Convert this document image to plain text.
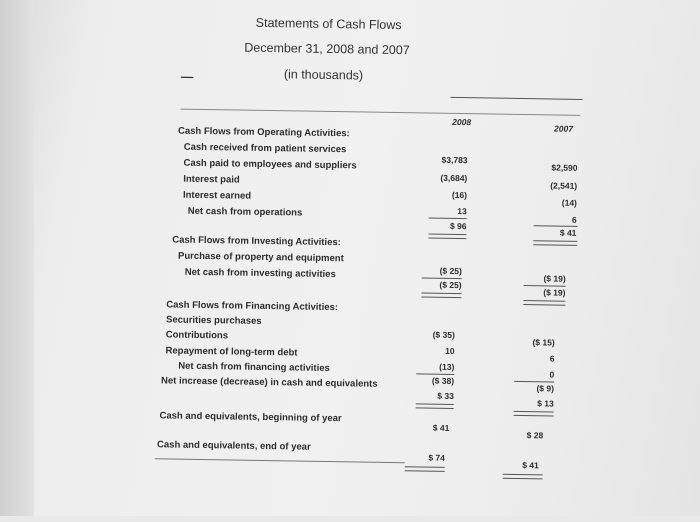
Statements of Cash Flows
December 31, 2008 and 2007
(in thousands)
—
2008
2007
Cash Flows from Operating Activities:
Cash received from patient services
Cash paid to employees and suppliers
Interest paid
Interest earned
Net cash from operations
$3,783
(3,684)
(16)
13
$ 96
$2,590
(2,541)
(14)
6
$ 41
Cash Flows from Investing Activities:
Purchase of property and equipment
Net cash from investing activities	($ 25)
($ 25)
($ 19)
($ 19)
Cash Flows from Financing Activities:
Securities purchases
Contributions
Repayment of long-term debt
Net cash from financing activities
Net increase (decrease) in cash and equivalents
($ 35)
10
(13)
($ 38)
$ 33
($ 15)
6
0
($ 9)
$ 13
Cash and equivalents, beginning of year
$ 41
$ 28
Cash and equivalents, end of year
$ 74
$ 41
